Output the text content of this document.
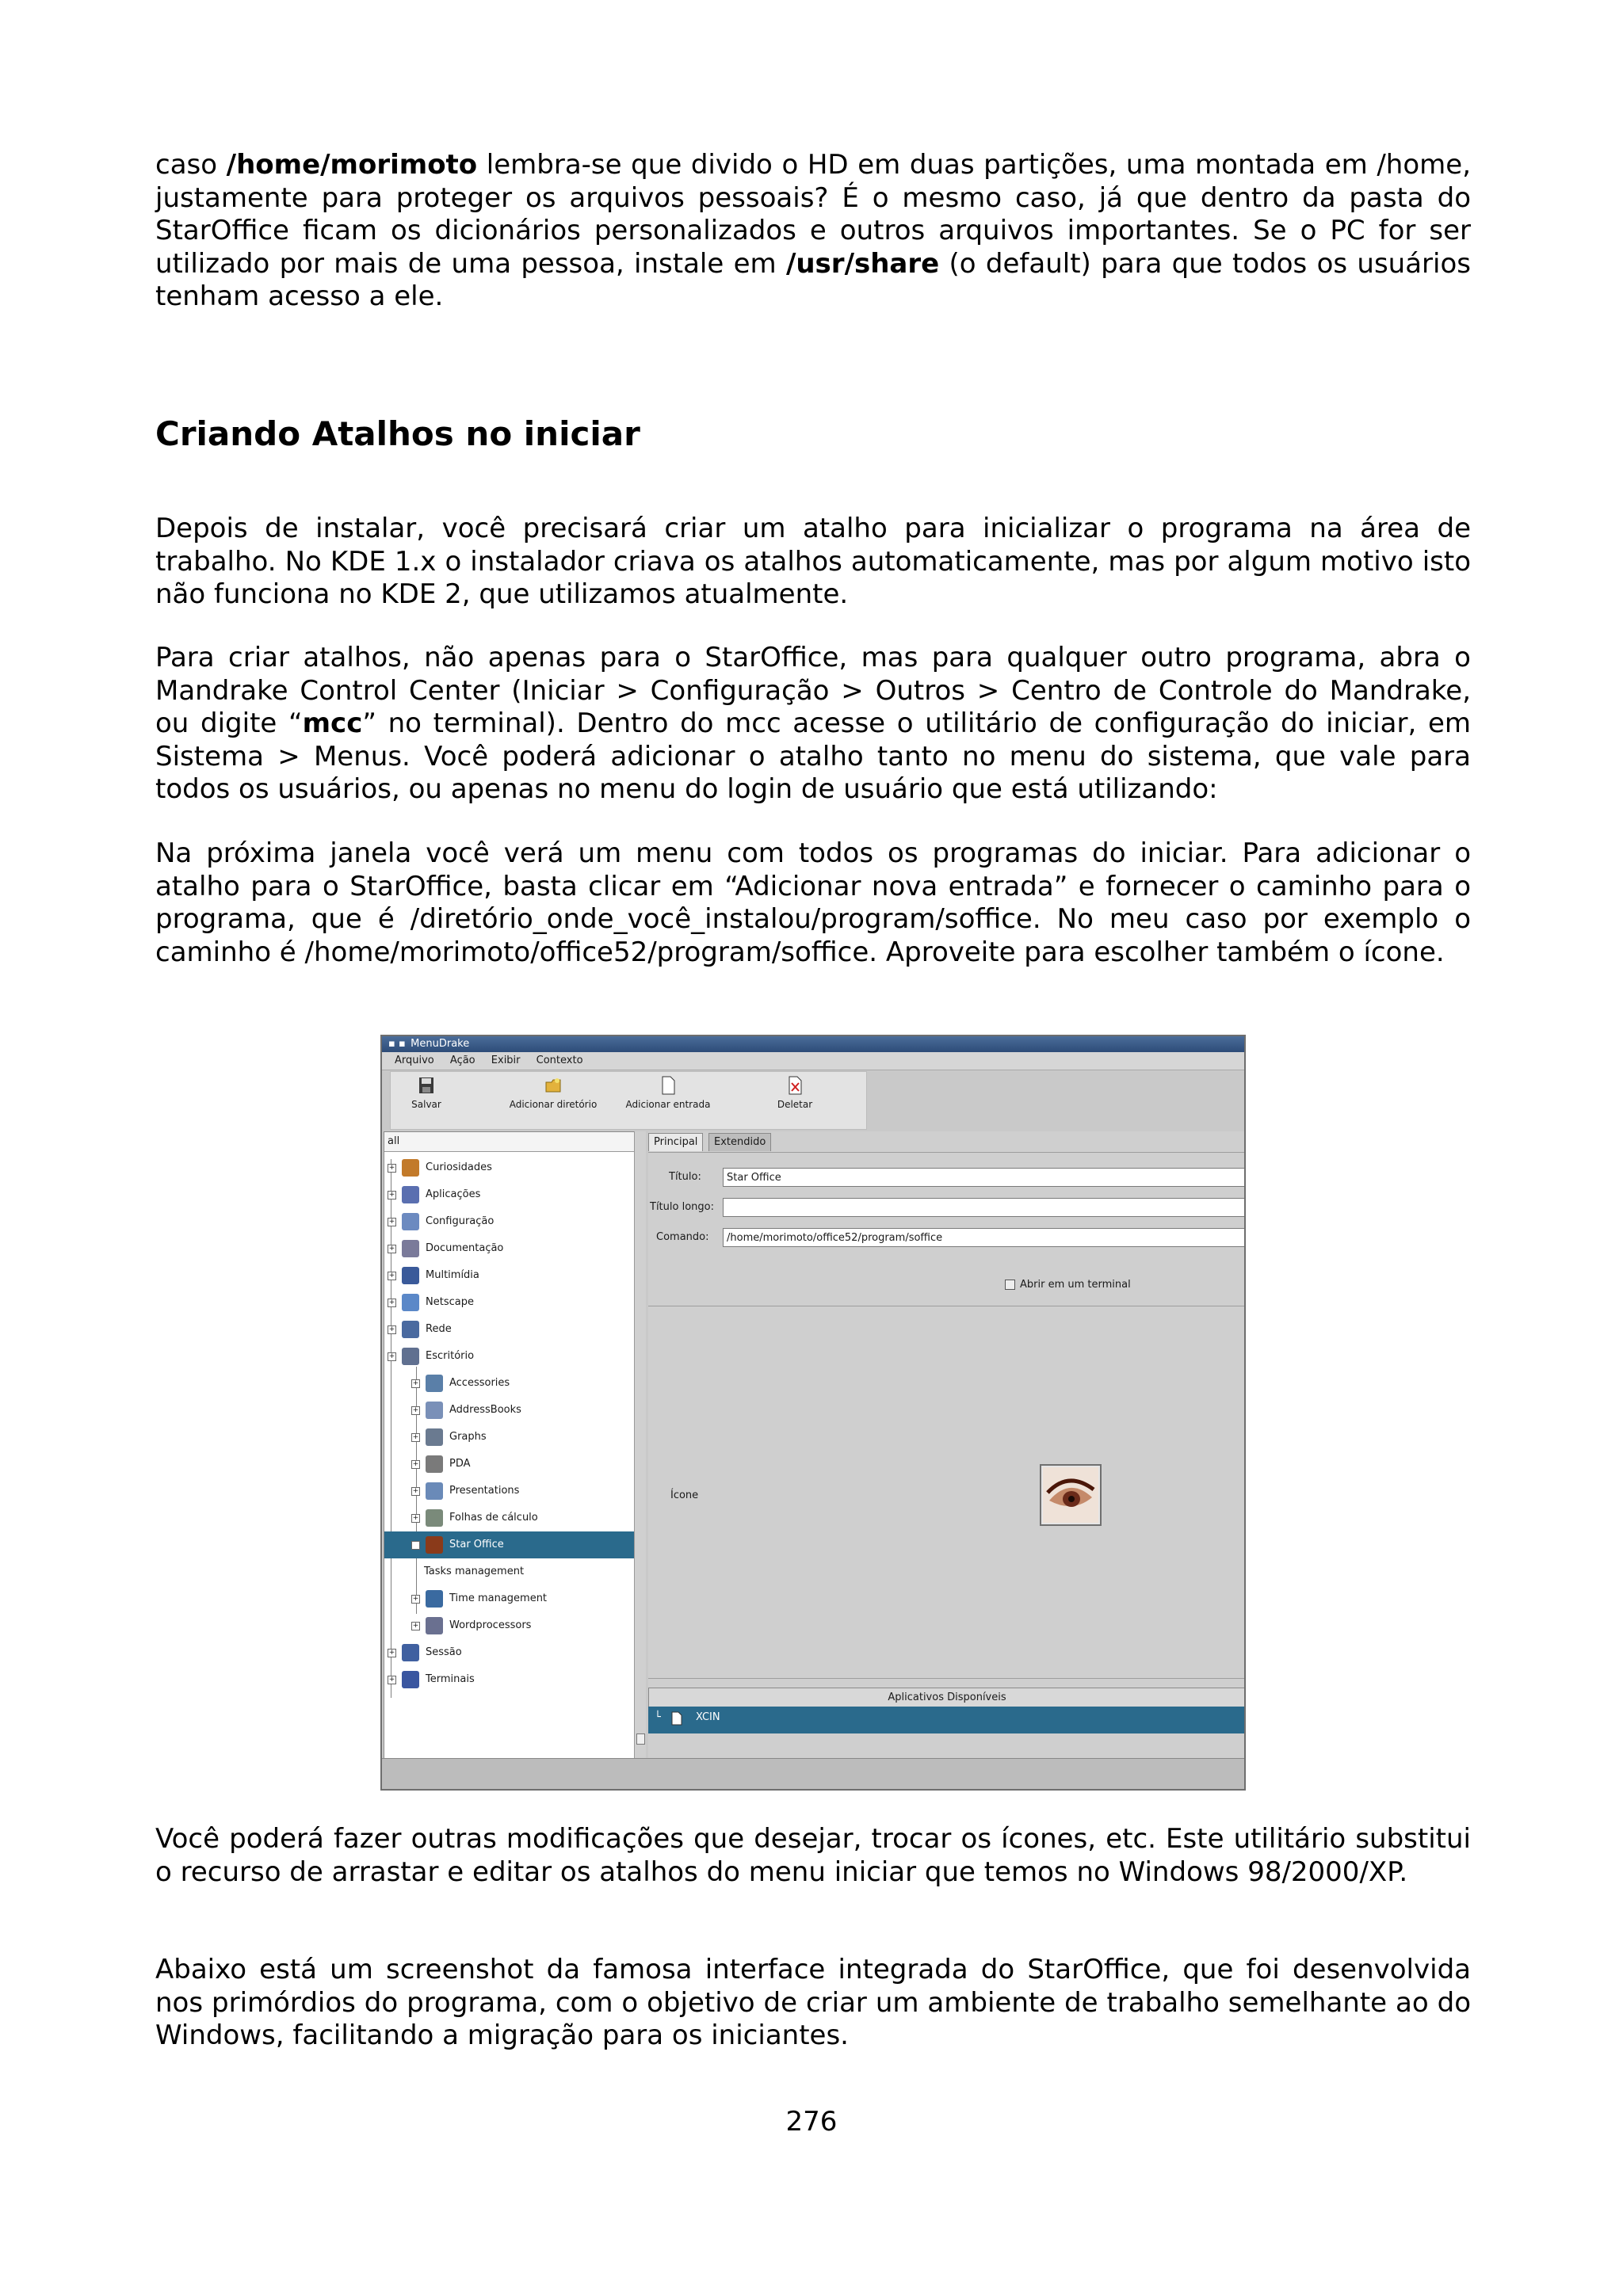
caso /home/morimoto lembra-se que divido o HD em duas partições, uma montada em /home, justamente para proteger os arquivos pessoais? É o mesmo caso, já que dentro da pasta do StarOffice ficam os dicionários personalizados e outros arquivos importantes. Se o PC for ser utilizado por mais de uma pessoa, instale em /usr/share (o default) para que todos os usuários tenham acesso a ele.

Criando Atalhos no iniciar

Depois de instalar, você precisará criar um atalho para inicializar o programa na área de trabalho. No KDE 1.x o instalador criava os atalhos automaticamente, mas por algum motivo isto não funciona no KDE 2, que utilizamos atualmente.

Para criar atalhos, não apenas para o StarOffice, mas para qualquer outro programa, abra o Mandrake Control Center (Iniciar > Configuração > Outros > Centro de Controle do Mandrake, ou digite “mcc” no terminal). Dentro do mcc acesse o utilitário de configuração do iniciar, em Sistema > Menus. Você poderá adicionar o atalho tanto no menu do sistema, que vale para todos os usuários, ou apenas no menu do login de usuário que está utilizando:

Na próxima janela você verá um menu com todos os programas do iniciar. Para adicionar o atalho para o StarOffice, basta clicar em “Adicionar nova entrada” e fornecer o caminho para o programa, que é /diretório_onde_você_instalou/program/soffice. No meu caso por exemplo o caminho é /home/morimoto/office52/program/soffice. Aproveite para escolher também o ícone.

▪ ▪ MenuDrake
Arquivo Ação Exibir Contexto
Salvar	Adicionar diretório	Adicionar entrada	Deletar
all
+	Curiosidades
+	Aplicações
+	Configuração
+	Documentação
+	Multimídia
+	Netscape
+	Rede
+	Escritório
+	Accessories
+	AddressBooks
+	Graphs
+	PDA
+	Presentations
+	Folhas de cálculo
+	Star Office
Tasks management
+	Time management
+	Wordprocessors
+	Sessão
+	Terminais
Principal	Extendido
Título:	Star Office
Título longo:
Comando:	/home/morimoto/office52/program/soffice
Abrir em um terminal
Ícone
Aplicativos Disponíveis
└	XCIN

Você poderá fazer outras modificações que desejar, trocar os ícones, etc. Este utilitário substitui o recurso de arrastar e editar os atalhos do menu iniciar que temos no Windows 98/2000/XP.

Abaixo está um screenshot da famosa interface integrada do StarOffice, que foi desenvolvida nos primórdios do programa, com o objetivo de criar um ambiente de trabalho semelhante ao do Windows, facilitando a migração para os iniciantes.

276
